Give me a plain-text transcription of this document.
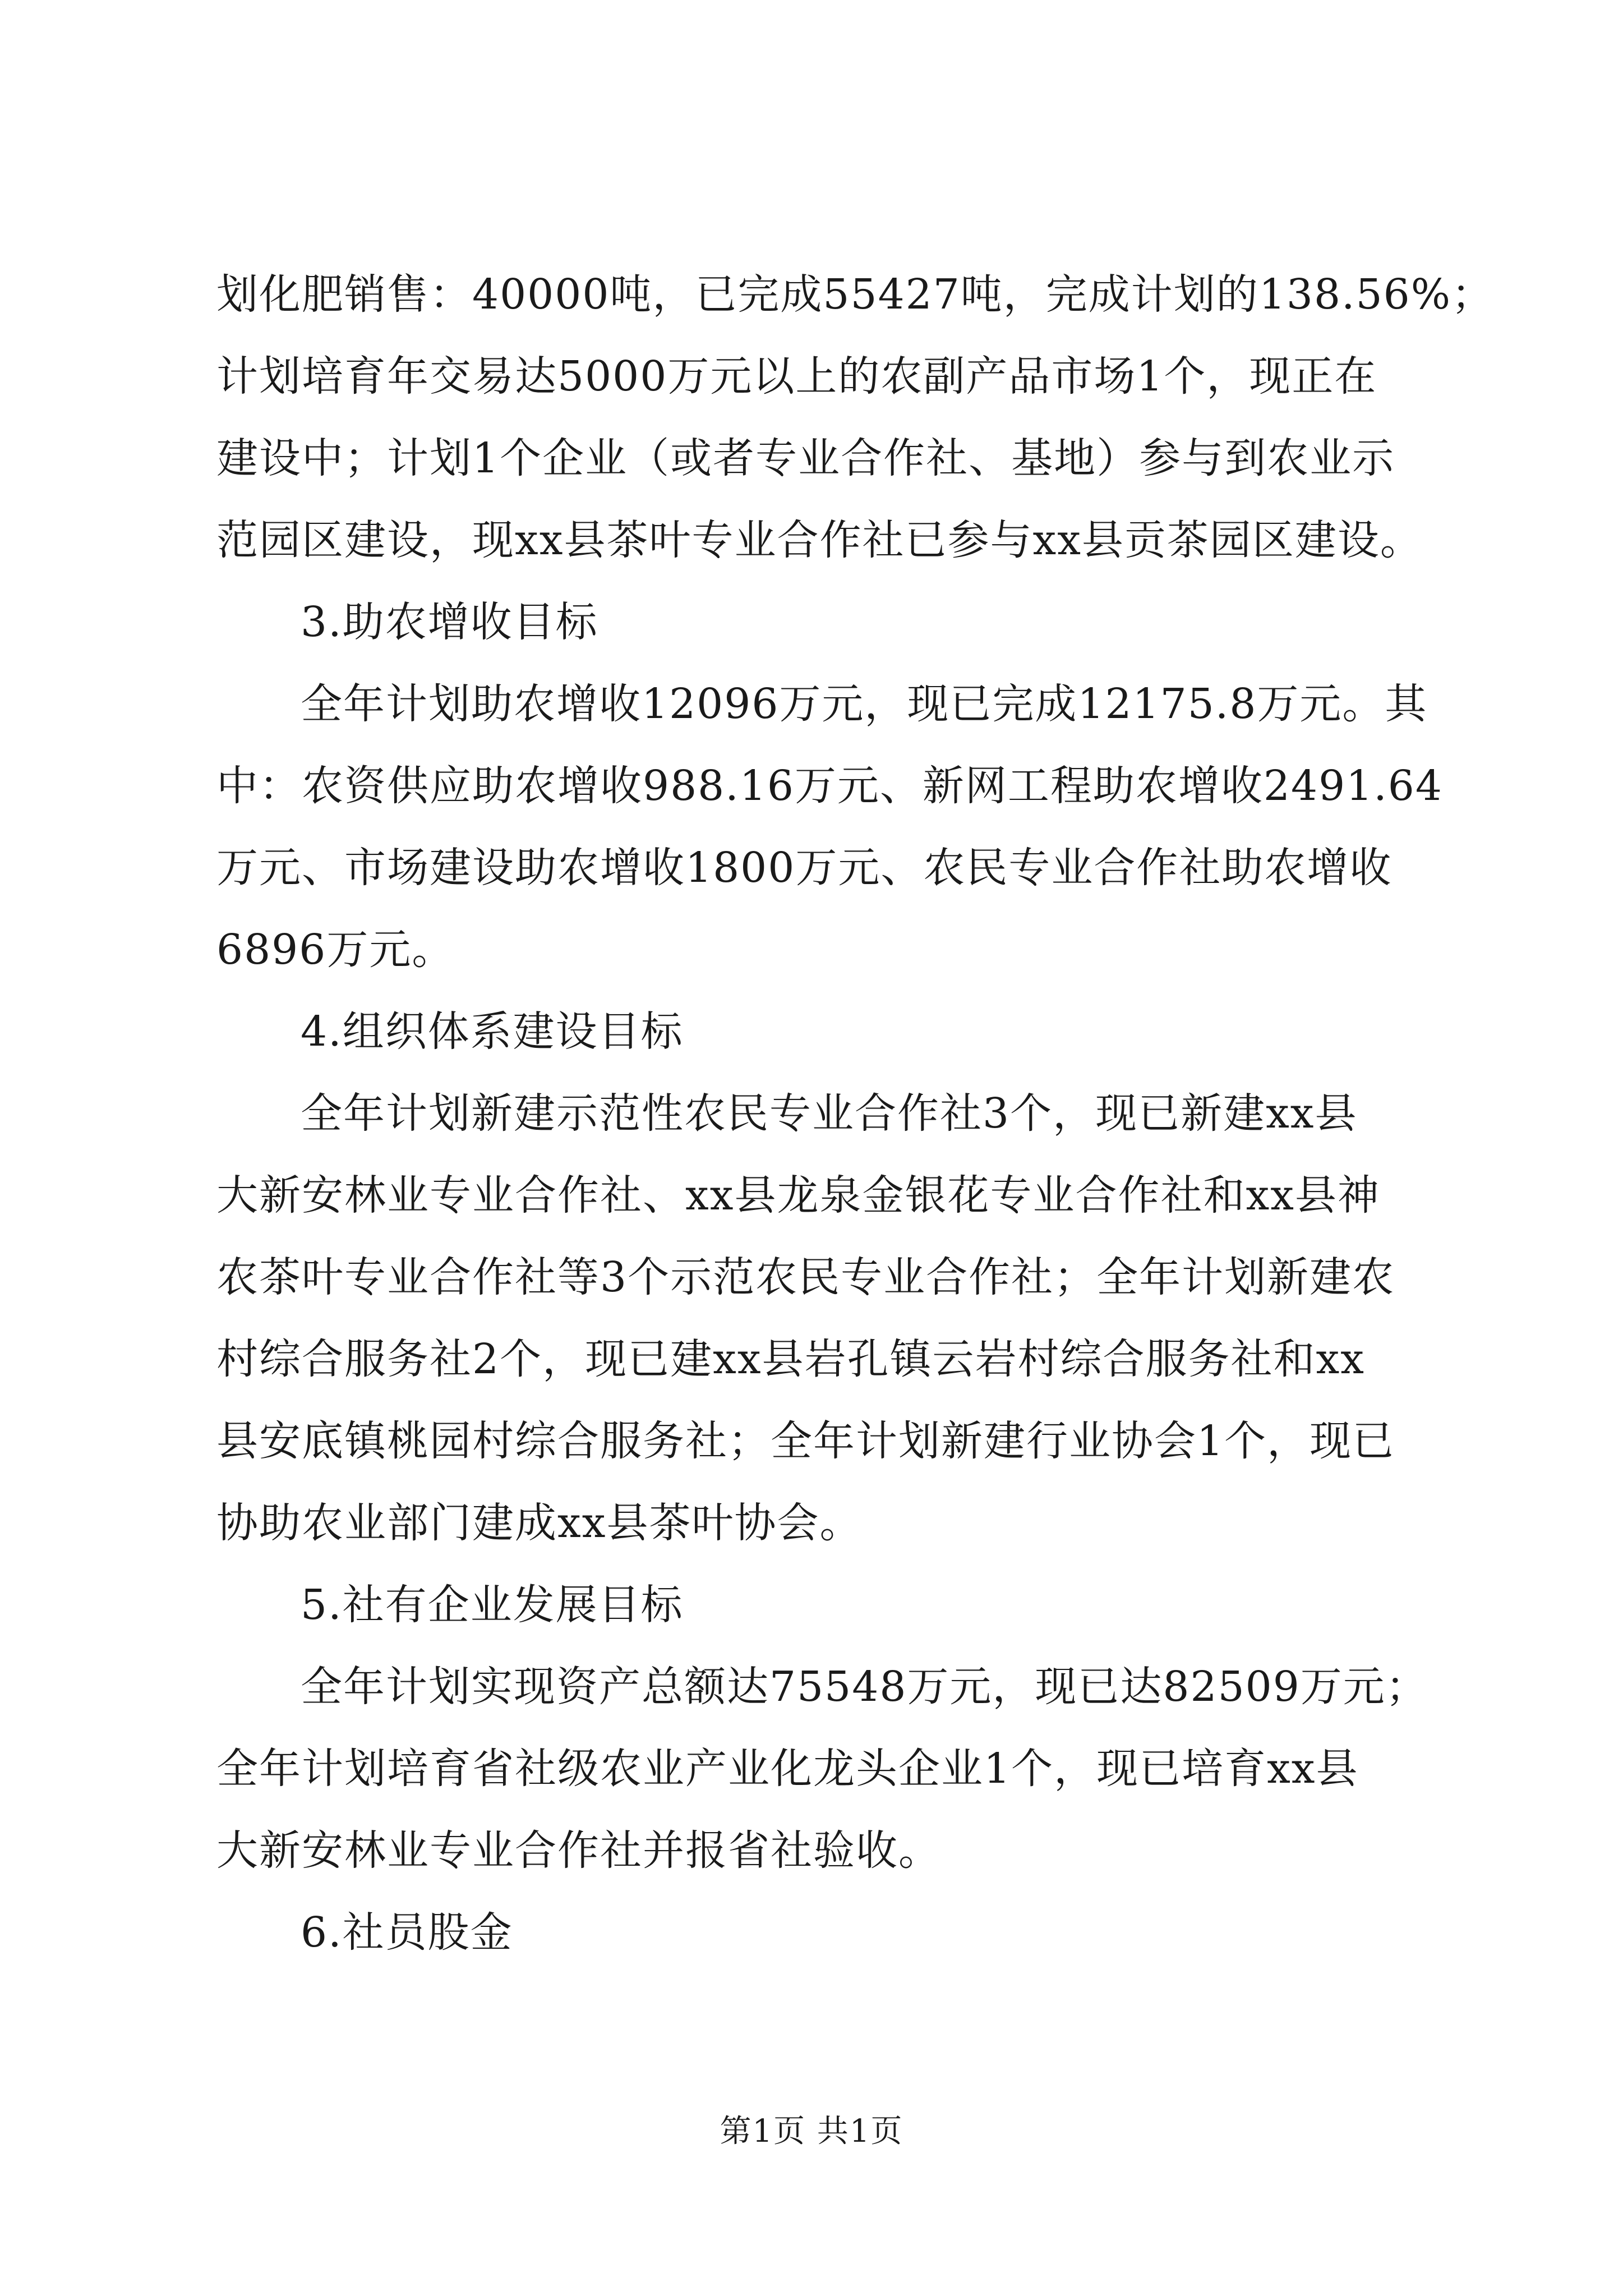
划化肥销售：40000吨，已完成55427吨，完成计划的138.56%；
计划培育年交易达5000万元以上的农副产品市场1个，现正在
建设中；计划1个企业（或者专业合作社、基地）参与到农业示
范园区建设，现xx县茶叶专业合作社已参与xx县贡茶园区建设。
3.助农增收目标
全年计划助农增收12096万元，现已完成12175.8万元。其
中：农资供应助农增收988.16万元、新网工程助农增收2491.64
万元、市场建设助农增收1800万元、农民专业合作社助农增收
6896万元。
4.组织体系建设目标
全年计划新建示范性农民专业合作社3个，现已新建xx县
大新安林业专业合作社、xx县龙泉金银花专业合作社和xx县神
农茶叶专业合作社等3个示范农民专业合作社；全年计划新建农
村综合服务社2个，现已建xx县岩孔镇云岩村综合服务社和xx
县安底镇桃园村综合服务社；全年计划新建行业协会1个，现已
协助农业部门建成xx县茶叶协会。
5.社有企业发展目标
全年计划实现资产总额达75548万元，现已达82509万元；
全年计划培育省社级农业产业化龙头企业1个，现已培育xx县
大新安林业专业合作社并报省社验收。
6.社员股金
第1页 共1页
